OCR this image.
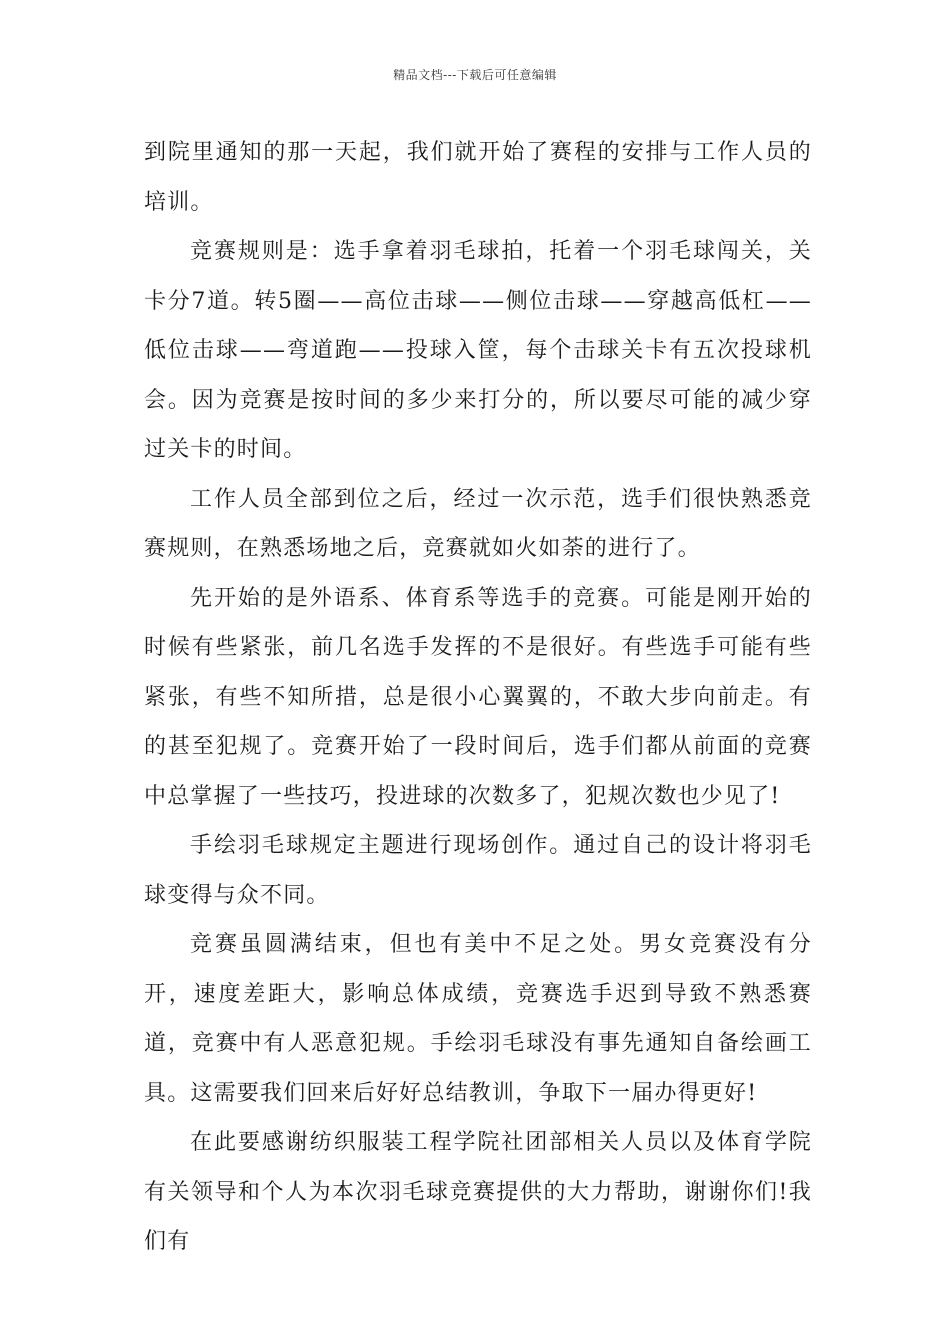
精品文档---下载后可任意编辑

到院里通知的那一天起，我们就开始了赛程的安排与工作人员的培训。

竞赛规则是：选手拿着羽毛球拍，托着一个羽毛球闯关，关卡分7道。转5圈——高位击球——侧位击球——穿越高低杠——低位击球——弯道跑——投球入筐，每个击球关卡有五次投球机会。因为竞赛是按时间的多少来打分的，所以要尽可能的减少穿过关卡的时间。

工作人员全部到位之后，经过一次示范，选手们很快熟悉竞赛规则，在熟悉场地之后，竞赛就如火如荼的进行了。

先开始的是外语系、体育系等选手的竞赛。可能是刚开始的时候有些紧张，前几名选手发挥的不是很好。有些选手可能有些紧张，有些不知所措，总是很小心翼翼的，不敢大步向前走。有的甚至犯规了。竞赛开始了一段时间后，选手们都从前面的竞赛中总掌握了一些技巧，投进球的次数多了，犯规次数也少见了!

手绘羽毛球规定主题进行现场创作。通过自己的设计将羽毛球变得与众不同。

竞赛虽圆满结束，但也有美中不足之处。男女竞赛没有分开，速度差距大，影响总体成绩，竞赛选手迟到导致不熟悉赛道，竞赛中有人恶意犯规。手绘羽毛球没有事先通知自备绘画工具。这需要我们回来后好好总结教训，争取下一届办得更好!

在此要感谢纺织服装工程学院社团部相关人员以及体育学院有关领导和个人为本次羽毛球竞赛提供的大力帮助，谢谢你们!我们有
